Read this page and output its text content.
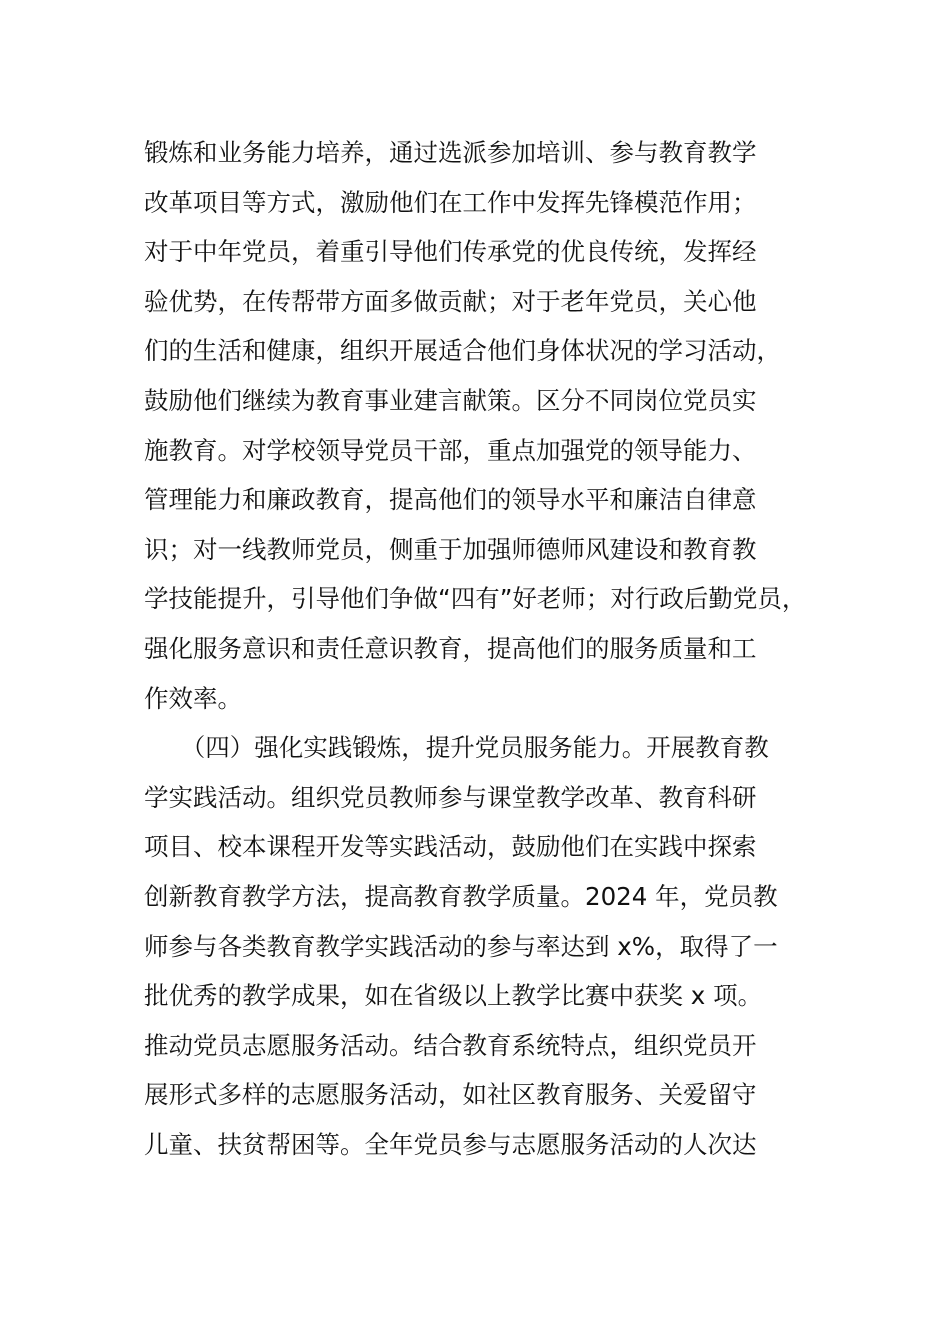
锻炼和业务能力培养，通过选派参加培训、参与教育教学
改革项目等方式，激励他们在工作中发挥先锋模范作用；
对于中年党员，着重引导他们传承党的优良传统，发挥经
验优势，在传帮带方面多做贡献；对于老年党员，关心他
们的生活和健康，组织开展适合他们身体状况的学习活动，
鼓励他们继续为教育事业建言献策。区分不同岗位党员实
施教育。对学校领导党员干部，重点加强党的领导能力、
管理能力和廉政教育，提高他们的领导水平和廉洁自律意
识；对一线教师党员，侧重于加强师德师风建设和教育教
学技能提升，引导他们争做“四有”好老师；对行政后勤党员，
强化服务意识和责任意识教育，提高他们的服务质量和工
作效率。
　　（四）强化实践锻炼，提升党员服务能力。开展教育教
学实践活动。组织党员教师参与课堂教学改革、教育科研
项目、校本课程开发等实践活动，鼓励他们在实践中探索
创新教育教学方法，提高教育教学质量。2024 年，党员教
师参与各类教育教学实践活动的参与率达到 x%，取得了一
批优秀的教学成果，如在省级以上教学比赛中获奖 x 项。
推动党员志愿服务活动。结合教育系统特点，组织党员开
展形式多样的志愿服务活动，如社区教育服务、关爱留守
儿童、扶贫帮困等。全年党员参与志愿服务活动的人次达
